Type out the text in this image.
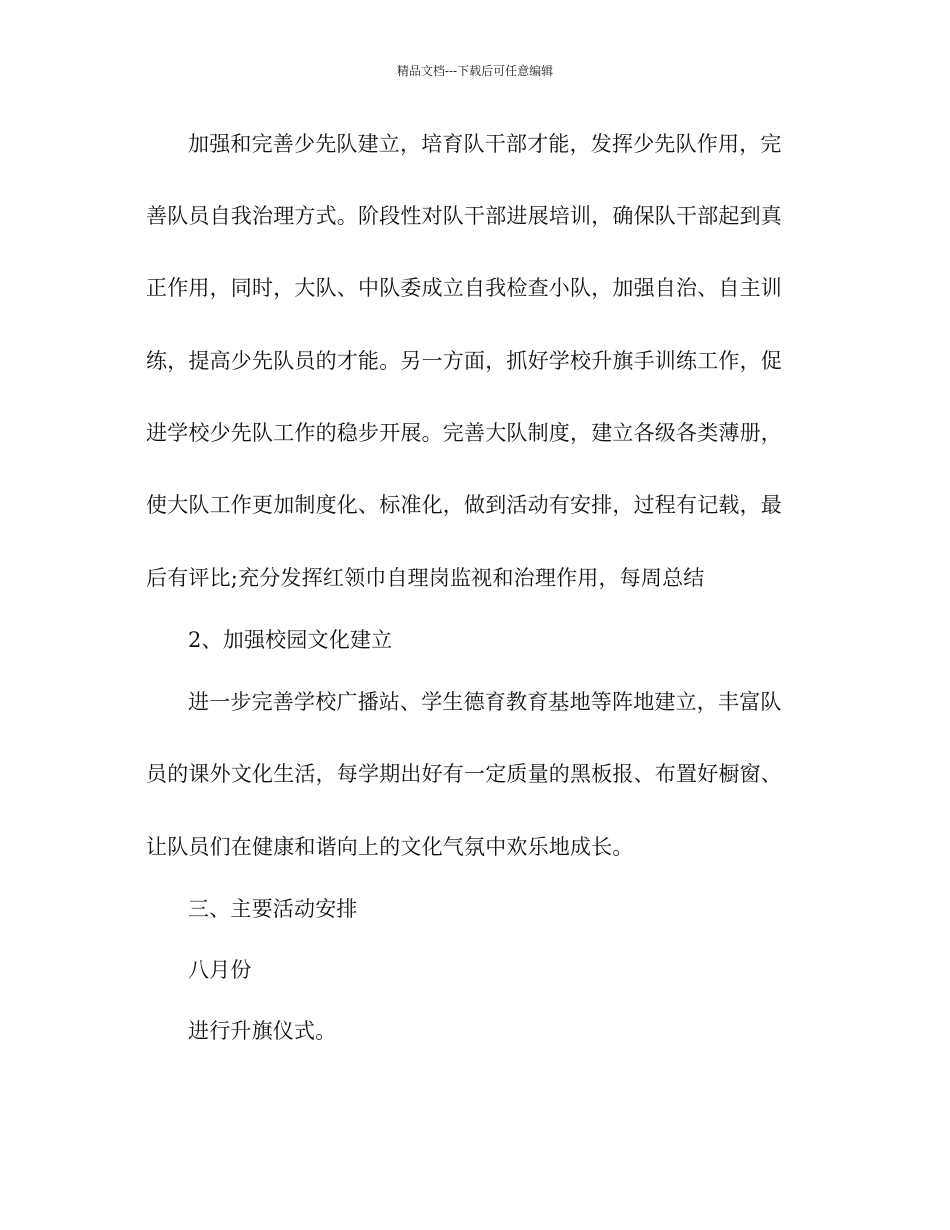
精品文档---下载后可任意编辑
加强和完善少先队建立，培育队干部才能，发挥少先队作用，完
善队员自我治理方式。阶段性对队干部进展培训，确保队干部起到真
正作用，同时，大队、中队委成立自我检查小队，加强自治、自主训
练，提高少先队员的才能。另一方面，抓好学校升旗手训练工作，促
进学校少先队工作的稳步开展。完善大队制度，建立各级各类薄册，
使大队工作更加制度化、标准化，做到活动有安排，过程有记载，最
后有评比;充分发挥红领巾自理岗监视和治理作用，每周总结
2、加强校园文化建立
进一步完善学校广播站、学生德育教育基地等阵地建立，丰富队
员的课外文化生活，每学期出好有一定质量的黑板报、布置好橱窗、
让队员们在健康和谐向上的文化气氛中欢乐地成长。
三、主要活动安排
八月份
进行升旗仪式。
